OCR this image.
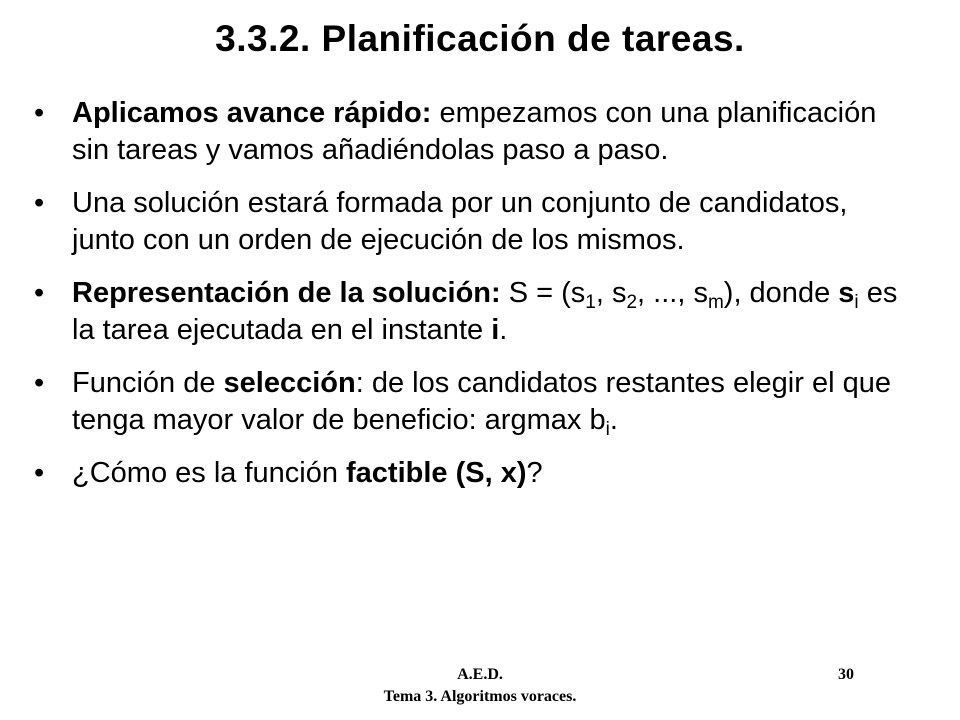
3.3.2. Planificación de tareas.
• Aplicamos avance rápido: empezamos con una planificación sin tareas y vamos añadiéndolas paso a paso.
• Una solución estará formada por un conjunto de candidatos, junto con un orden de ejecución de los mismos.
• Representación de la solución: $S = (s_1$, $s_2$, ..., $s_m$), donde $s_i$ es la tarea ejecutada en el instante i.
• Función de selección: de los candidatos restantes elegir el que tenga mayor valor de beneficio: argmax $b_i$.
• ¿Cómo es la función factible (S, x)?
A.E.D.
Tema 3. Algoritmos voraces.
30
